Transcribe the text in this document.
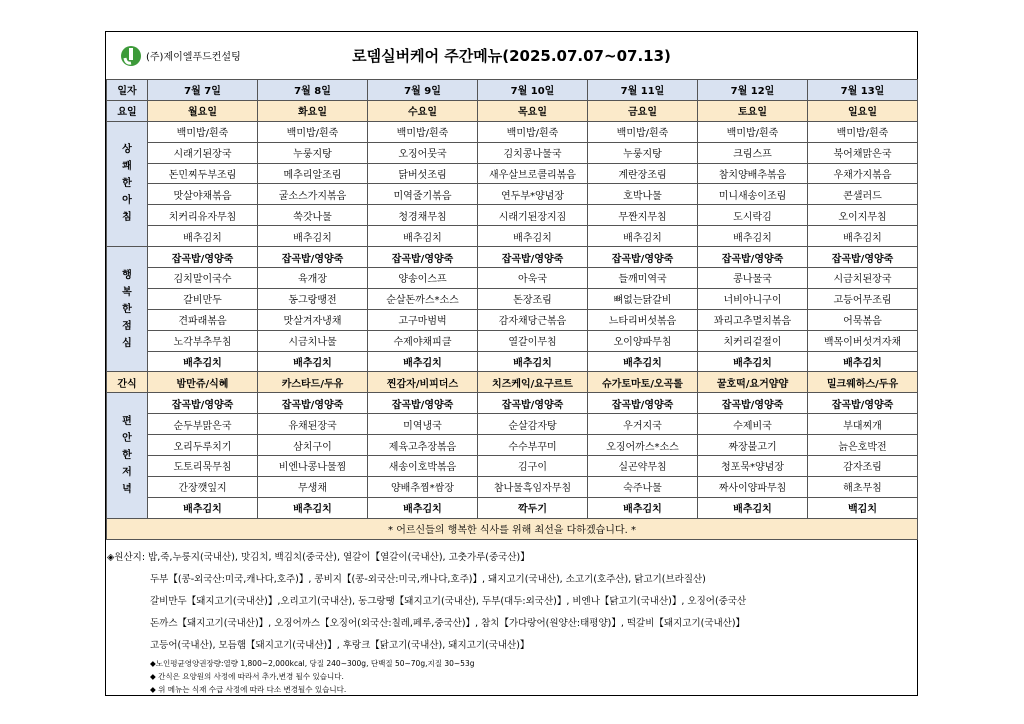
(주)제이엘푸드컨설팅	로뎀실버케어 주간메뉴(2025.07.07~07.13)
일자	7월 7일	7월 8일	7월 9일	7월 10일	7월 11일	7월 12일	7월 13일
요일	월요일	화요일	수요일	목요일	금요일	토요일	일요일

상
쾌
한
아
침	백미밥/흰죽	백미밥/흰죽	백미밥/흰죽	백미밥/흰죽	백미밥/흰죽	백미밥/흰죽	백미밥/흰죽
	시래기된장국	누룽지탕	오징어뭇국	김치콩나물국	누룽지탕	크림스프	북어채맑은국
	돈민찌두부조림	메추리알조림	닭버섯조림	새우살브로콜리볶음	계란장조림	참치양배추볶음	우채가지볶음
	맛살야채볶음	굴소스가지볶음	미역줄기볶음	연두부*양념장	호박나물	미니새송이조림	콘샐러드
	치커리유자무침	쑥갓나물	청경채무침	시래기된장지짐	무짠지무침	도시락김	오이지무침
	배추김치	배추김치	배추김치	배추김치	배추김치	배추김치	배추김치

행
복
한
점
심	잡곡밥/영양죽	잡곡밥/영양죽	잡곡밥/영양죽	잡곡밥/영양죽	잡곡밥/영양죽	잡곡밥/영양죽	잡곡밥/영양죽
	김치말이국수	육개장	양송이스프	아욱국	들깨미역국	콩나물국	시금치된장국
	갈비만두	동그랑땡전	순살돈까스*소스	돈장조림	뼈없는닭갈비	너비아니구이	고등어무조림
	견파래볶음	맛살겨자냉채	고구마범벅	감자채당근볶음	느타리버섯볶음	꽈리고추멸치볶음	어묵볶음
	노각부추무침	시금치나물	수제야채피클	열갈이무침	오이양파무침	치커리겉절이	백목이버섯겨자채
	배추김치	배추김치	배추김치	배추김치	배추김치	배추김치	배추김치
간식	밤만쥬/식혜	카스타드/두유	찐감자/비피더스	치즈케익/요구르트	슈가토마토/오곡롤	꿀호떡/요거얌얌	밀크웨하스/두유

편
안
한
저
녁	잡곡밥/영양죽	잡곡밥/영양죽	잡곡밥/영양죽	잡곡밥/영양죽	잡곡밥/영양죽	잡곡밥/영양죽	잡곡밥/영양죽
	순두부맑은국	유채된장국	미역냉국	순살감자탕	우거지국	수제비국	부대찌개
	오리두루치기	삼치구이	제육고추장볶음	수수부꾸미	오징어까스*소스	짜장불고기	늙은호박전
	도토리묵무침	비엔나콩나물찜	새송이호박볶음	김구이	실곤약무침	청포묵*양념장	감자조림
	간장깻잎지	무생채	양배추찜*쌈장	참나물흑임자무침	숙주나물	짜사이양파무침	해초무침
	배추김치	배추김치	배추김치	깍두기	배추김치	배추김치	백김치
* 어르신들의 행복한 식사를 위해 최선을 다하겠습니다. *							
◈원산지: 밥,죽,누룽지(국내산), 맛김치, 백김치(중국산), 열갈이【열갈이(국내산), 고춧가루(중국산)】
두부【(콩-외국산:미국,캐나다,호주)】, 콩비지【(콩-외국산:미국,캐나다,호주)】, 돼지고기(국내산), 소고기(호주산), 닭고기(브라질산)
갈비만두【돼지고기(국내산)】,오리고기(국내산), 동그랑땡【돼지고기(국내산), 두부(대두:외국산)】, 비엔나【닭고기(국내산)】, 오징어(중국산
돈까스【돼지고기(국내산)】, 오징어까스【오징어(외국산:칠레,페루,중국산)】, 참치【가다랑어(원양산:태평양)】, 떡갈비【돼지고기(국내산)】
고등어(국내산), 모듬햄【돼지고기(국내산)】, 후랑크【닭고기(국내산), 돼지고기(국내산)】
◆노인평균영양권장량:열량 1,800~2,000kcal, 당질 240~300g, 단백질 50~70g,지질 30~53g
◆ 간식은 요양원의 사정에 따라서 추가,변경 될수 있습니다.
◆ 위 메뉴는 식재 수급 사정에 따라 다소 변경될수 있습니다.
